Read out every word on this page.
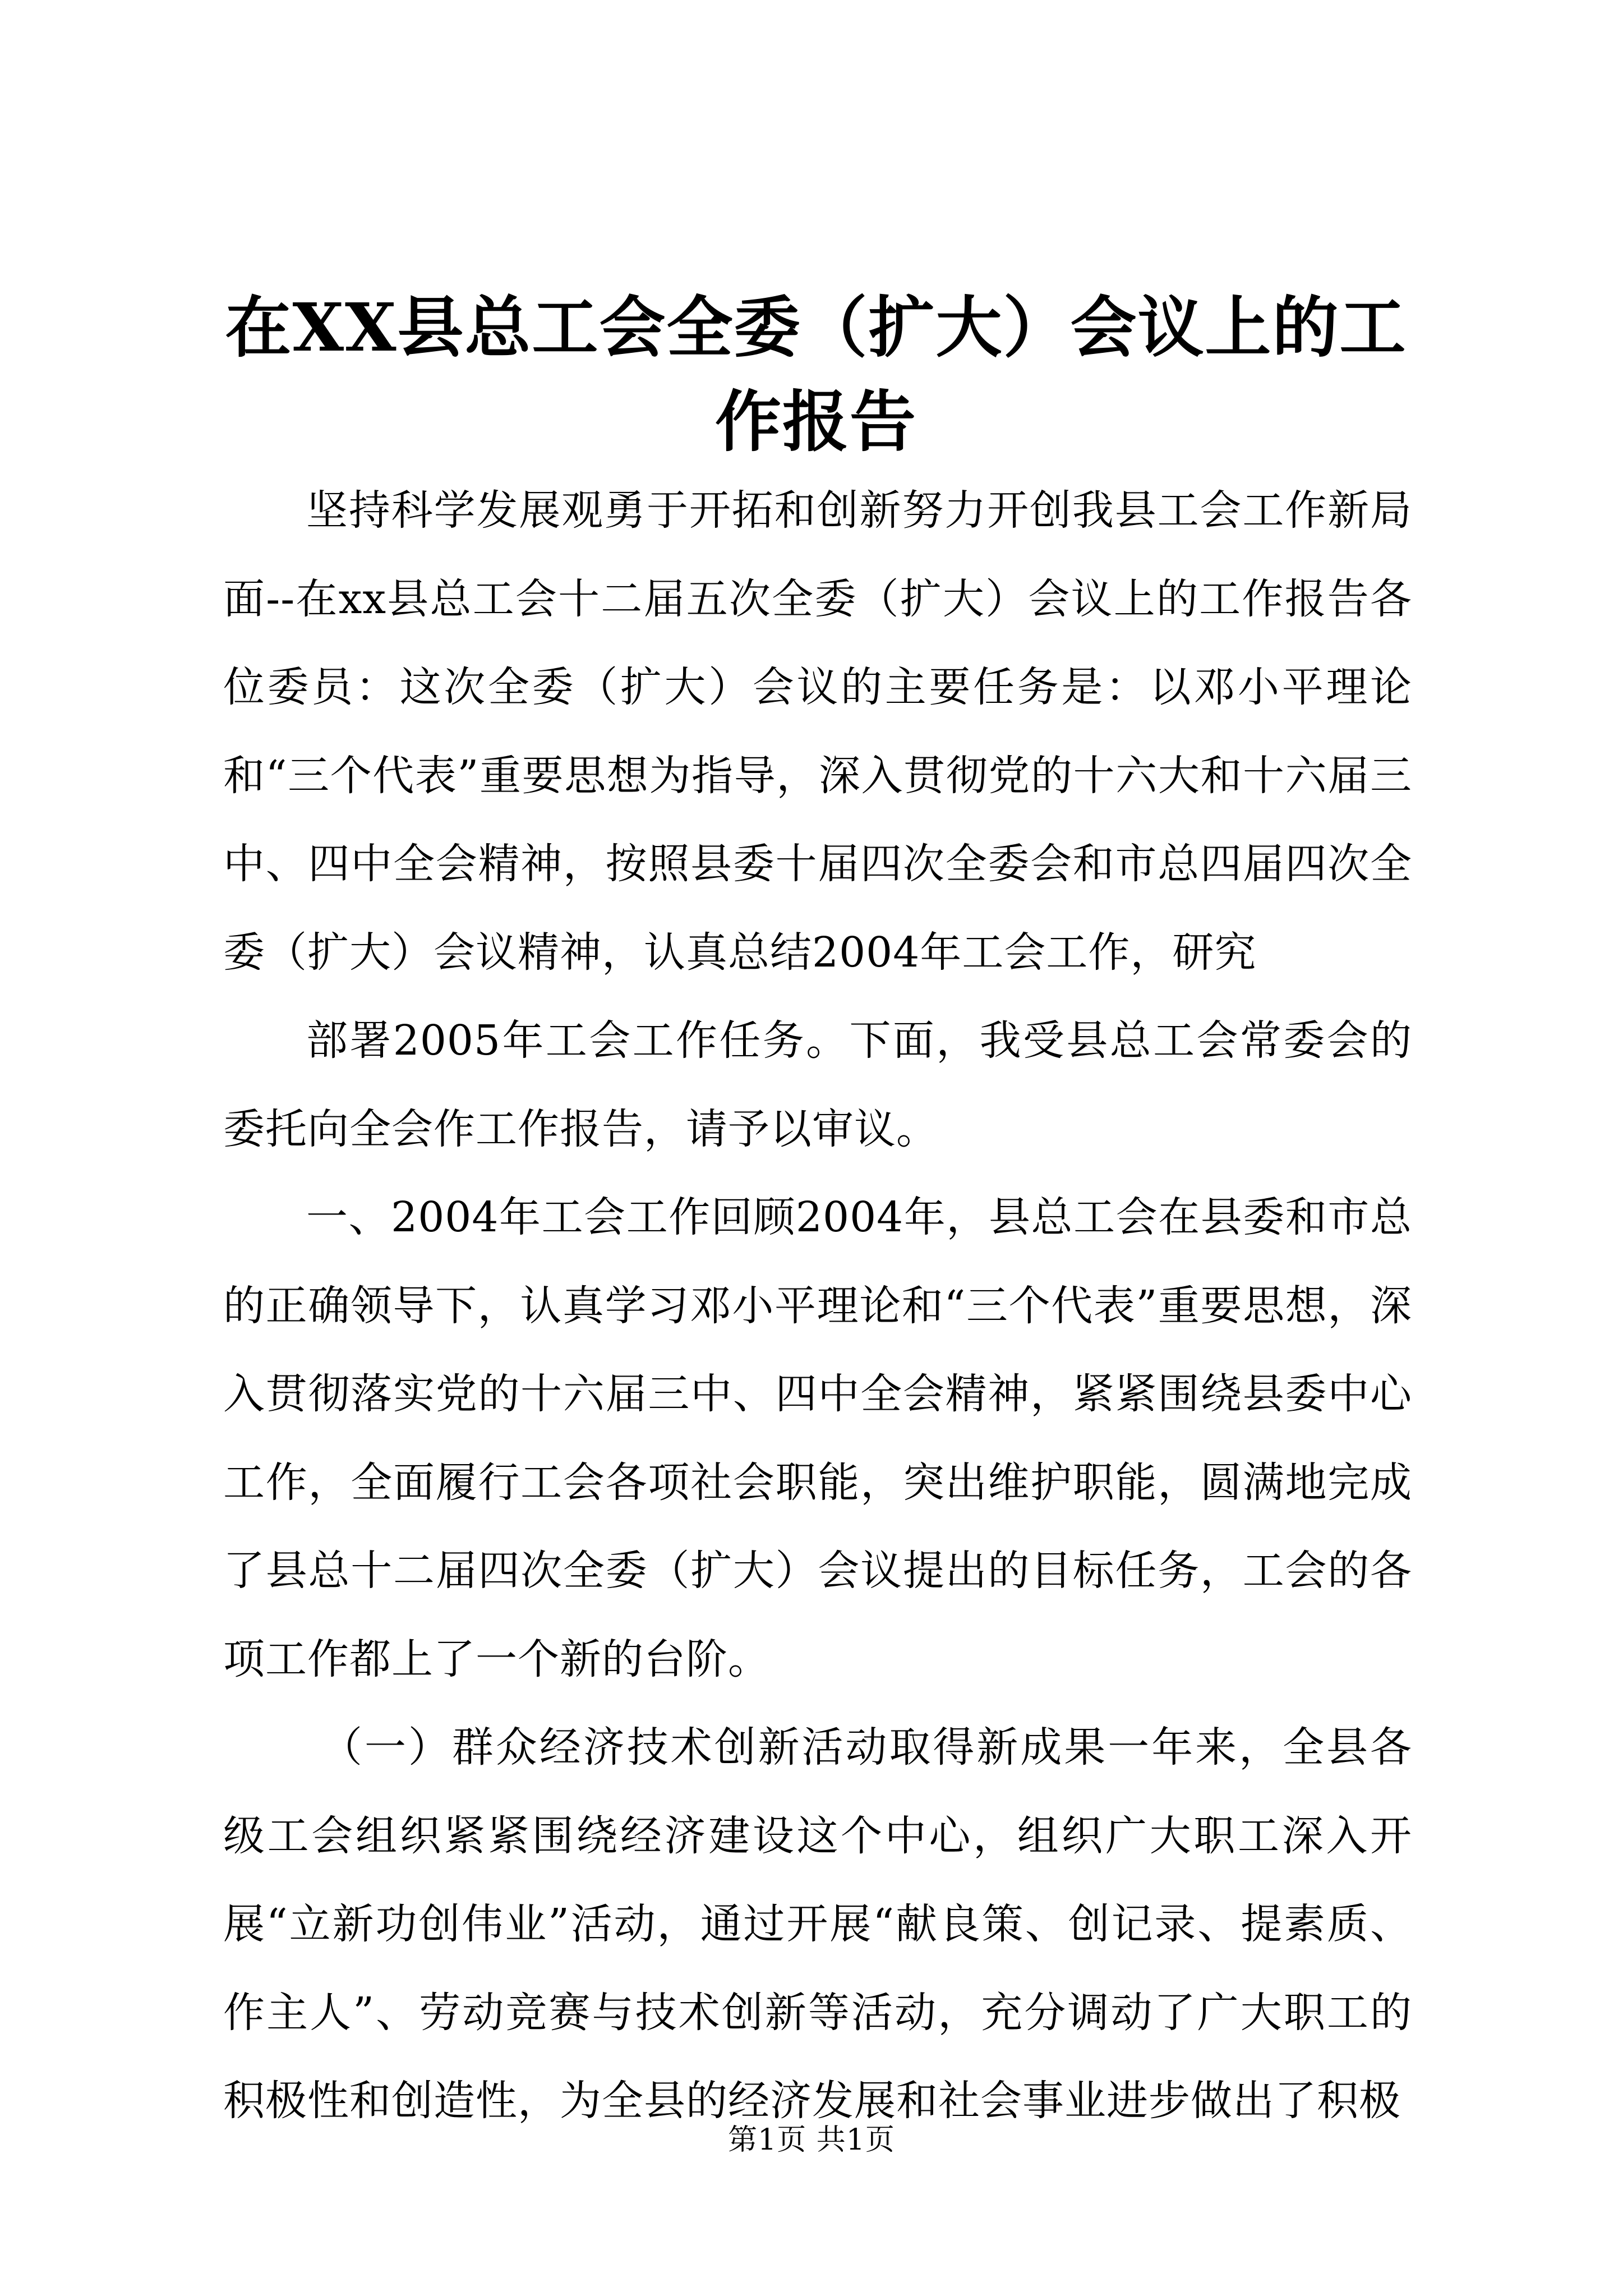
在XX县总工会全委（扩大）会议上的工作报告

坚持科学发展观勇于开拓和创新努力开创我县工会工作新局面--在xx县总工会十二届五次全委（扩大）会议上的工作报告各位委员：这次全委（扩大）会议的主要任务是：以邓小平理论和“三个代表”重要思想为指导，深入贯彻党的十六大和十六届三中、四中全会精神，按照县委十届四次全委会和市总四届四次全委（扩大）会议精神，认真总结2004年工会工作，研究

部署2005年工会工作任务。下面，我受县总工会常委会的委托向全会作工作报告，请予以审议。

一、2004年工会工作回顾2004年，县总工会在县委和市总的正确领导下，认真学习邓小平理论和“三个代表”重要思想，深入贯彻落实党的十六届三中、四中全会精神，紧紧围绕县委中心工作，全面履行工会各项社会职能，突出维护职能，圆满地完成了县总十二届四次全委（扩大）会议提出的目标任务，工会的各项工作都上了一个新的台阶。

（一）群众经济技术创新活动取得新成果一年来，全县各级工会组织紧紧围绕经济建设这个中心，组织广大职工深入开展“立新功创伟业”活动，通过开展“献良策、创记录、提素质、作主人”、劳动竞赛与技术创新等活动，充分调动了广大职工的积极性和创造性，为全县的经济发展和社会事业进步做出了积极

第1页 共1页
